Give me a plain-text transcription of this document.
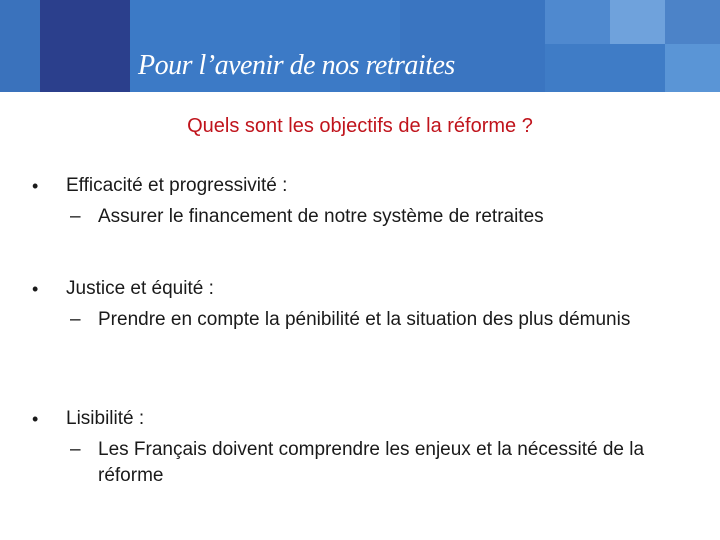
Pour l’avenir de nos retraites
Quels sont les objectifs de la réforme ?
•	Efficacité et progressivité :
– Assurer le financement de notre système de retraites
•	Justice et équité :
– Prendre en compte la pénibilité et la situation des plus démunis
•	Lisibilité :
– Les Français doivent comprendre les enjeux et la nécessité de la réforme
